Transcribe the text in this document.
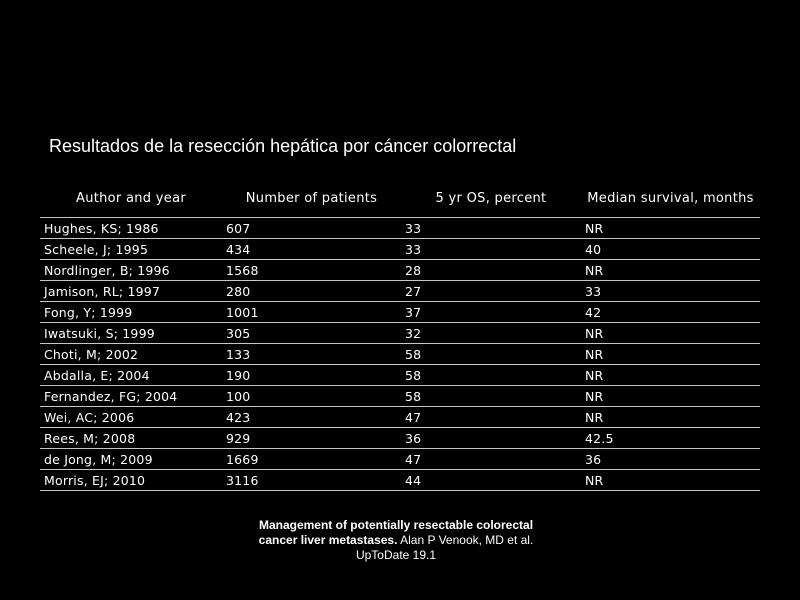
Resultados de la resección hepática por cáncer colorrectal
Author and year	Number of patients	5 yr OS, percent	Median survival, months
Hughes, KS; 1986	607	33	NR
Scheele, J; 1995	434	33	40
Nordlinger, B; 1996	1568	28	NR
Jamison, RL; 1997	280	27	33
Fong, Y; 1999	1001	37	42
Iwatsuki, S; 1999	305	32	NR
Choti, M; 2002	133	58	NR
Abdalla, E; 2004	190	58	NR
Fernandez, FG; 2004	100	58	NR
Wei, AC; 2006	423	47	NR
Rees, M; 2008	929	36	42.5
de Jong, M; 2009	1669	47	36
Morris, EJ; 2010	3116	44	NR
Management of potentially resectable colorectal cancer liver metastases. Alan P Venook, MD et al. UpToDate 19.1
